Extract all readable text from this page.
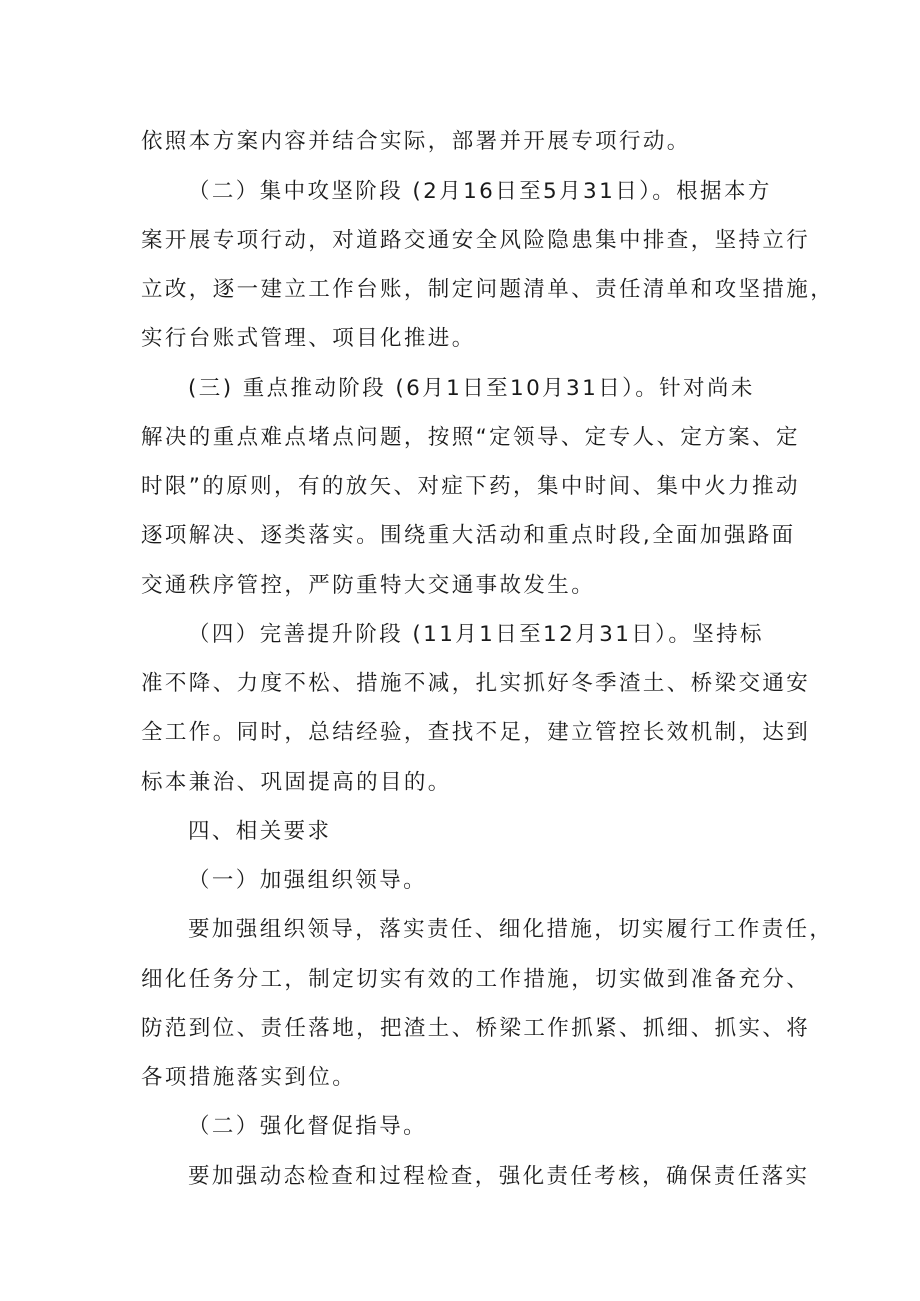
依照本方案内容并结合实际，部署并开展专项行动。
（二）集中攻坚阶段 (2月16日至5月31日）。根据本方
案开展专项行动，对道路交通安全风险隐患集中排查，坚持立行
立改，逐一建立工作台账，制定问题清单、责任清单和攻坚措施，
实行台账式管理、项目化推进。
(三) 重点推动阶段 (6月1日至10月31日）。针对尚未
解决的重点难点堵点问题，按照“定领导、定专人、定方案、定
时限”的原则，有的放矢、对症下药，集中时间、集中火力推动
逐项解决、逐类落实。围绕重大活动和重点时段,全面加强路面
交通秩序管控，严防重特大交通事故发生。
（四）完善提升阶段 (11月1日至12月31日）。坚持标
准不降、力度不松、措施不减，扎实抓好冬季渣土、桥梁交通安
全工作。同时，总结经验，查找不足，建立管控长效机制，达到
标本兼治、巩固提高的目的。
四、相关要求
（一）加强组织领导。
要加强组织领导，落实责任、细化措施，切实履行工作责任，
细化任务分工，制定切实有效的工作措施，切实做到准备充分、
防范到位、责任落地，把渣土、桥梁工作抓紧、抓细、抓实、将
各项措施落实到位。
（二）强化督促指导。
要加强动态检查和过程检查，强化责任考核，确保责任落实
